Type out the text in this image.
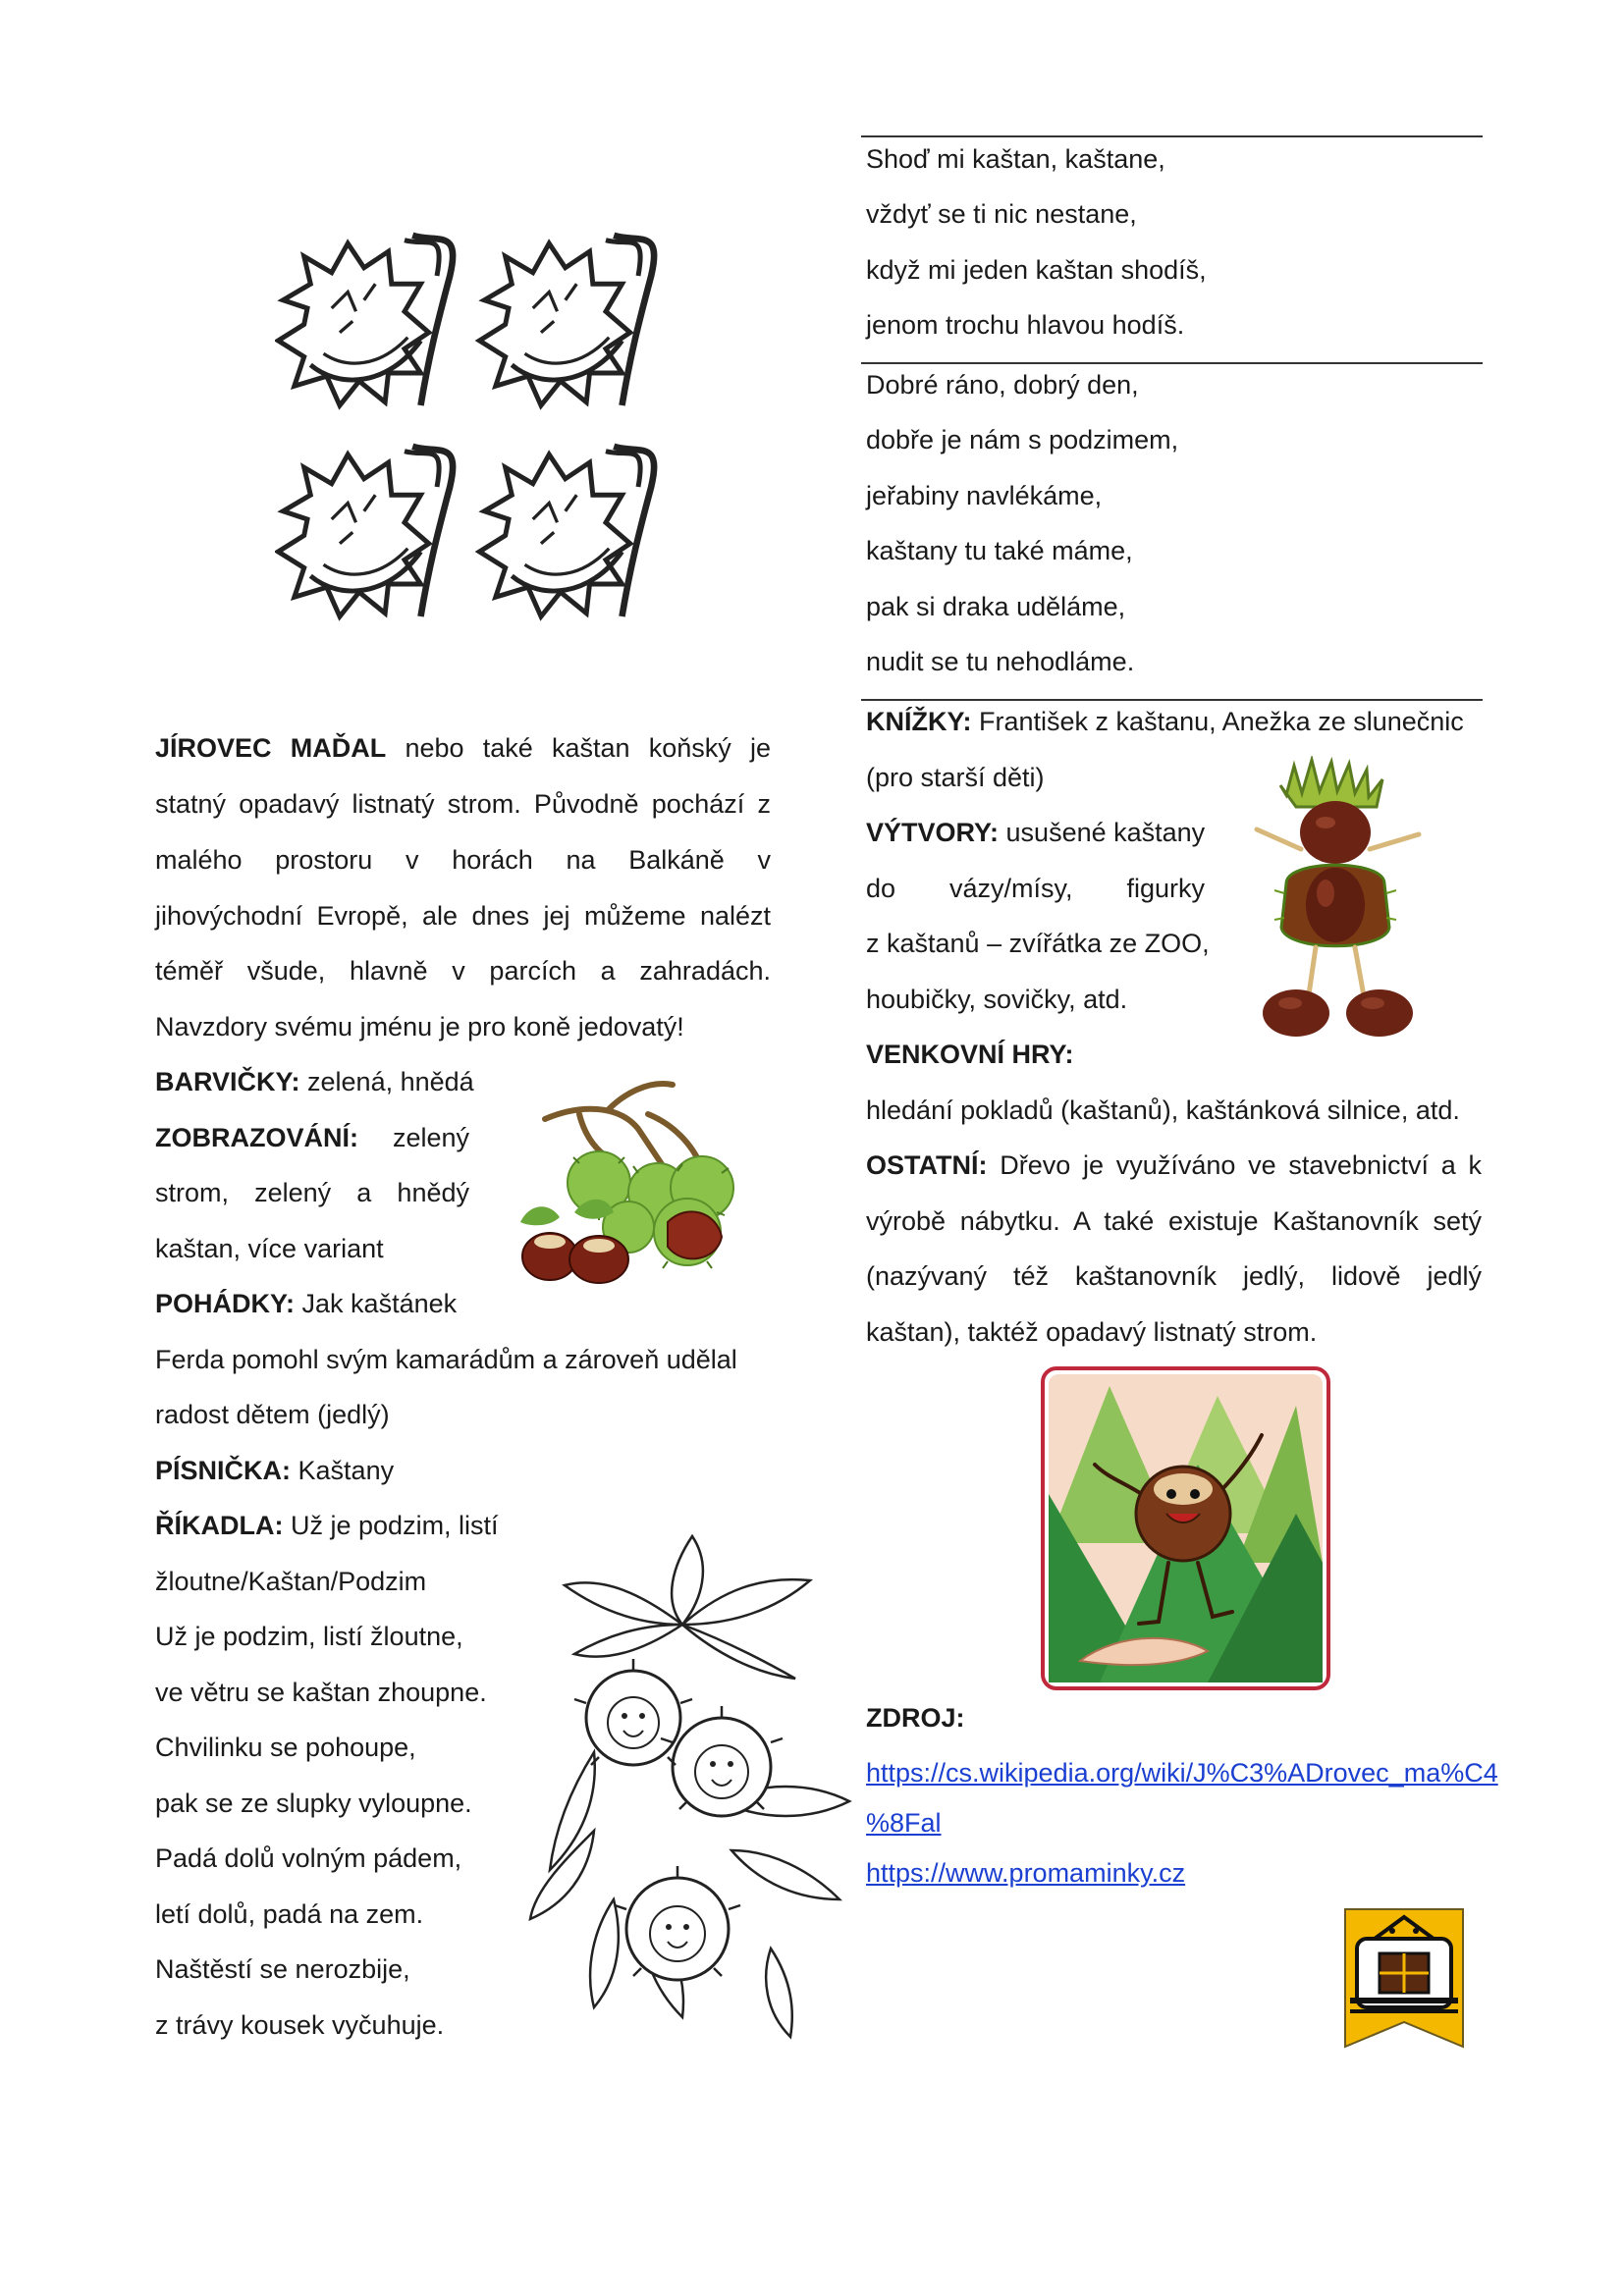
JÍROVEC MAĎAL nebo také kaštan koňský je
statný opadavý listnatý strom. Původně pochází z
malého prostoru v horách na Balkáně v
jihovýchodní Evropě, ale dnes jej můžeme nalézt
téměř všude, hlavně v parcích a zahradách.
Navzdory svému jménu je pro koně jedovatý!
BARVIČKY: zelená, hnědá
ZOBRAZOVÁNÍ: zelený
strom, zelený a hnědý
kaštan, více variant
POHÁDKY: Jak kaštánek
Ferda pomohl svým kamarádům a zároveň udělal
radost dětem (jedlý)
PÍSNIČKA: Kaštany
ŘÍKADLA: Už je podzim, listí
žloutne/Kaštan/Podzim
Už je podzim, listí žloutne,
ve větru se kaštan zhoupne.
Chvilinku se pohoupe,
pak se ze slupky vyloupne.
Padá dolů volným pádem,
letí dolů, padá na zem.
Naštěstí se nerozbije,
z trávy kousek vyčuhuje.
Shoď mi kaštan, kaštane,
vždyť se ti nic nestane,
když mi jeden kaštan shodíš,
jenom trochu hlavou hodíš.
Dobré ráno, dobrý den,
dobře je nám s podzimem,
jeřabiny navlékáme,
kaštany tu také máme,
pak si draka uděláme,
nudit se tu nehodláme.
KNÍŽKY: František z kaštanu, Anežka ze slunečnic
(pro starší děti)
VÝTVORY: usušené kaštany
do vázy/mísy, figurky
z kaštanů – zvířátka ze ZOO,
houbičky, sovičky, atd.
VENKOVNÍ HRY:
hledání pokladů (kaštanů), kaštánková silnice, atd.
OSTATNÍ: Dřevo je využíváno ve stavebnictví a k
výrobě nábytku. A také existuje Kaštanovník setý
(nazývaný též kaštanovník jedlý, lidově jedlý
kaštan), taktéž opadavý listnatý strom.
ZDROJ:
https://cs.wikipedia.org/wiki/J%C3%ADrovec_ma%C4
%8Fal
https://www.promaminky.cz
